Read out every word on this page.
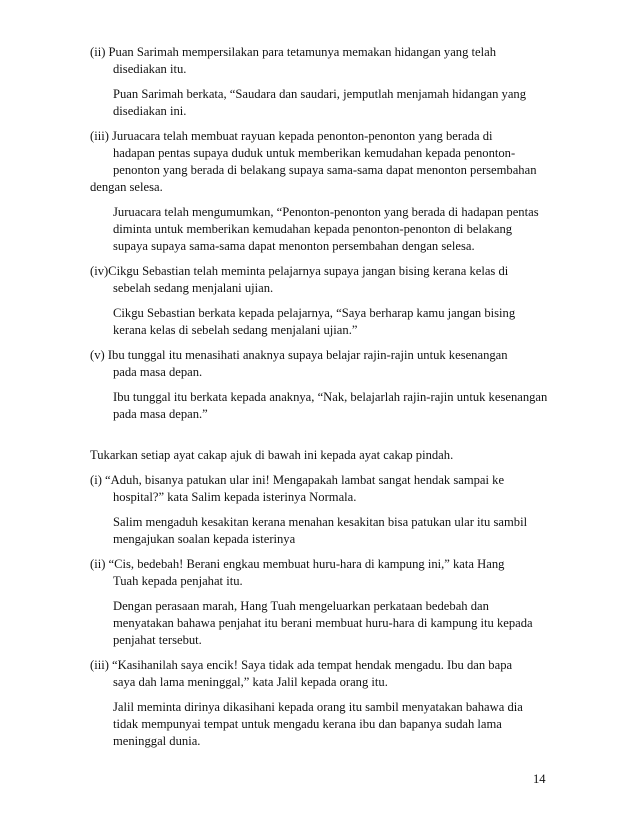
(ii) Puan Sarimah mempersilakan para tetamunya memakan hidangan yang telah
disediakan itu.
Puan Sarimah berkata, “Saudara dan saudari, jemputlah menjamah hidangan yang
disediakan ini.
(iii) Juruacara telah membuat rayuan kepada penonton-penonton yang berada di
hadapan pentas supaya duduk untuk memberikan kemudahan kepada penonton-
penonton yang berada di belakang supaya sama-sama dapat menonton persembahan
dengan selesa.
Juruacara telah mengumumkan, “Penonton-penonton yang berada di hadapan pentas
diminta untuk memberikan kemudahan kepada penonton-penonton di belakang
supaya supaya sama-sama dapat menonton persembahan dengan selesa.
(iv)Cikgu Sebastian telah meminta pelajarnya supaya jangan bising kerana kelas di
sebelah sedang menjalani ujian.
Cikgu Sebastian berkata kepada pelajarnya, “Saya berharap kamu jangan bising
kerana kelas di sebelah sedang menjalani ujian.”
(v) Ibu tunggal itu menasihati anaknya supaya belajar rajin-rajin untuk kesenangan
pada masa depan.
Ibu tunggal itu berkata kepada anaknya, “Nak, belajarlah rajin-rajin untuk kesenangan
pada masa depan.”
Tukarkan setiap ayat cakap ajuk di bawah ini kepada ayat cakap pindah.
(i) “Aduh, bisanya patukan ular ini! Mengapakah lambat sangat hendak sampai ke
hospital?” kata Salim kepada isterinya Normala.
Salim mengaduh kesakitan kerana menahan kesakitan bisa patukan ular itu sambil
mengajukan soalan kepada isterinya
(ii) “Cis, bedebah! Berani engkau membuat huru-hara di kampung ini,” kata Hang
Tuah kepada penjahat itu.
Dengan perasaan marah, Hang Tuah mengeluarkan perkataan bedebah dan
menyatakan bahawa penjahat itu berani membuat huru-hara di kampung itu kepada
penjahat tersebut.
(iii) “Kasihanilah saya encik! Saya tidak ada tempat hendak mengadu. Ibu dan bapa
saya dah lama meninggal,” kata Jalil kepada orang itu.
Jalil meminta dirinya dikasihani kepada orang itu sambil menyatakan bahawa dia
tidak mempunyai tempat untuk mengadu kerana ibu dan bapanya sudah lama
meninggal dunia.
14
